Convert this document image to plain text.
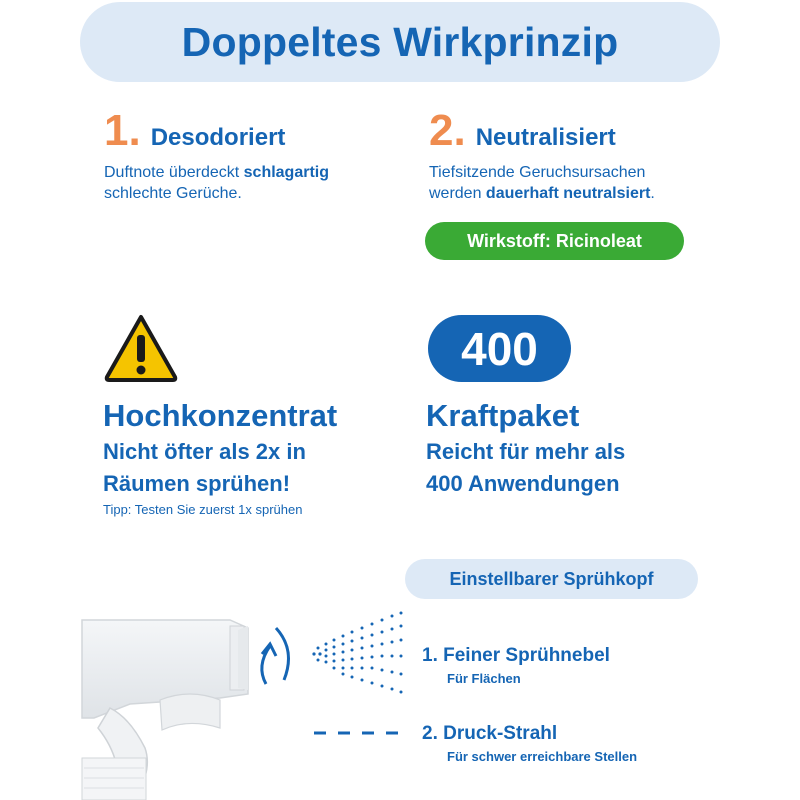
Doppeltes Wirkprinzip
1. Desodoriert
Duftnote überdeckt schlagartig
schlechte Gerüche.
2. Neutralisiert
Tiefsitzende Geruchsursachen
werden dauerhaft neutralsiert.
Wirkstoff: Ricinoleat
400
Hochkonzentrat
Nicht öfter als 2x in
Räumen sprühen!
Tipp: Testen Sie zuerst 1x sprühen
Kraftpaket
Reicht für mehr als
400 Anwendungen
Einstellbarer Sprühkopf
1. Feiner Sprühnebel
Für Flächen
2. Druck-Strahl
Für schwer erreichbare Stellen
